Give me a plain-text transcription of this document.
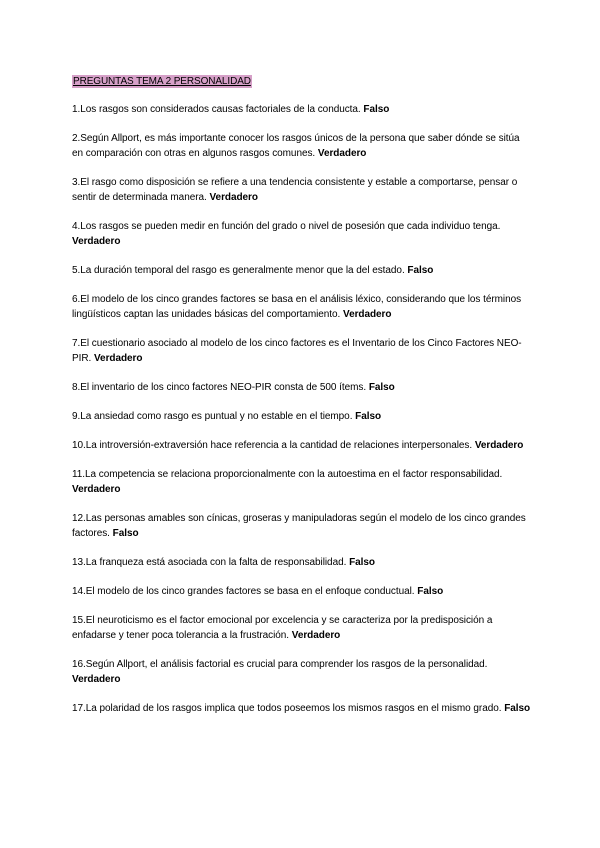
PREGUNTAS TEMA 2 PERSONALIDAD
1.Los rasgos son considerados causas factoriales de la conducta. Falso
2.Según Allport, es más importante conocer los rasgos únicos de la persona que saber dónde se sitúa en comparación con otras en algunos rasgos comunes. Verdadero
3.El rasgo como disposición se refiere a una tendencia consistente y estable a comportarse, pensar o sentir de determinada manera. Verdadero
4.Los rasgos se pueden medir en función del grado o nivel de posesión que cada individuo tenga. Verdadero
5.La duración temporal del rasgo es generalmente menor que la del estado. Falso
6.El modelo de los cinco grandes factores se basa en el análisis léxico, considerando que los términos lingüísticos captan las unidades básicas del comportamiento. Verdadero
7.El cuestionario asociado al modelo de los cinco factores es el Inventario de los Cinco Factores NEO-PIR. Verdadero
8.El inventario de los cinco factores NEO-PIR consta de 500 ítems. Falso
9.La ansiedad como rasgo es puntual y no estable en el tiempo. Falso
10.La introversión-extraversión hace referencia a la cantidad de relaciones interpersonales. Verdadero
11.La competencia se relaciona proporcionalmente con la autoestima en el factor responsabilidad. Verdadero
12.Las personas amables son cínicas, groseras y manipuladoras según el modelo de los cinco grandes factores. Falso
13.La franqueza está asociada con la falta de responsabilidad. Falso
14.El modelo de los cinco grandes factores se basa en el enfoque conductual. Falso
15.El neuroticismo es el factor emocional por excelencia y se caracteriza por la predisposición a enfadarse y tener poca tolerancia a la frustración. Verdadero
16.Según Allport, el análisis factorial es crucial para comprender los rasgos de la personalidad. Verdadero
17.La polaridad de los rasgos implica que todos poseemos los mismos rasgos en el mismo grado. Falso
